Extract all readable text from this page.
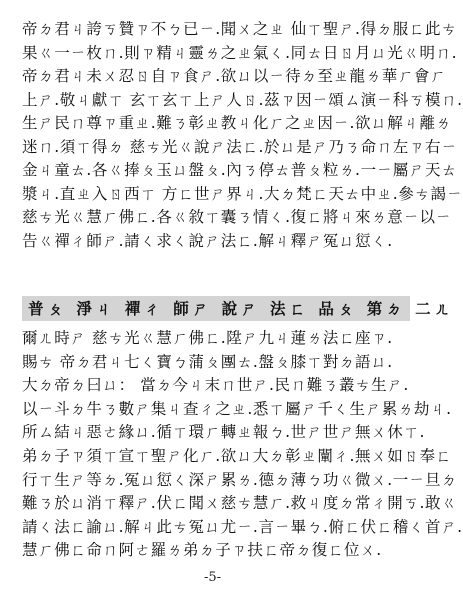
帝ㄉ君ㄐ誇ㄎ贊ㄗ不ㄅ已ㄧ.聞ㄨ之ㄓ 仙ㄒ聖ㄕ.得ㄉ服ㄈ此ㄘ
果ㄍ一ㄧ枚ㄇ.則ㄗ精ㄐ靈ㄌ之ㄓ氣ㄑ.同ㄊ日ㄖ月ㄩ光ㄍ明ㄇ.
帝ㄉ君ㄐ未ㄨ忍ㄖ自ㄗ食ㄕ.欲ㄩ以ㄧ待ㄉ至ㄓ龍ㄌ華ㄏ會ㄏ
上ㄕ.敬ㄐ獻ㄒ 玄ㄒ玄ㄒ上ㄕ人ㄖ.茲ㄗ因ㄧ頌ㄙ演ㄧ科ㄎ模ㄇ.
生ㄕ民ㄇ尊ㄗ重ㄓ.難ㄋ彰ㄓ教ㄐ化ㄏ之ㄓ因ㄧ.欲ㄩ解ㄐ離ㄌ
迷ㄇ.須ㄒ得ㄉ 慈ㄘ光ㄍ說ㄕ法ㄈ.於ㄩ是ㄕ乃ㄋ命ㄇ左ㄗ右ㄧ
金ㄐ童ㄊ.各ㄍ捧ㄆ玉ㄩ盤ㄆ.內ㄋ停ㄊ普ㄆ粒ㄌ.一ㄧ屬ㄕ天ㄊ
漿ㄐ.直ㄓ入ㄖ西ㄒ 方ㄈ世ㄕ界ㄐ.大ㄉ梵ㄈ天ㄊ中ㄓ.參ㄘ謁ㄧ
慈ㄘ光ㄍ慧ㄏ佛ㄈ.各ㄍ敘ㄒ囊ㄋ情ㄑ.復ㄈ將ㄐ來ㄌ意ㄧ以ㄧ
告ㄍ禪ㄔ師ㄕ.請ㄑ求ㄑ說ㄕ法ㄈ.解ㄐ釋ㄕ冤ㄩ愆ㄑ.
普ㄆ 淨ㄐ 禪ㄔ 師ㄕ 說ㄕ 法ㄈ 品ㄆ 第ㄉ 二ㄦ
爾ㄦ時ㄕ 慈ㄘ光ㄍ慧ㄏ佛ㄈ.陞ㄕ九ㄐ蓮ㄌ法ㄈ座ㄗ.
賜ㄘ 帝ㄉ君ㄐ七ㄑ寶ㄅ蒲ㄆ團ㄊ.盤ㄆ膝ㄒ對ㄉ語ㄩ.
大ㄉ帝ㄉ曰ㄩ： 當ㄉ今ㄐ末ㄇ世ㄕ.民ㄇ難ㄋ叢ㄘ生ㄕ.
以ㄧ斗ㄉ牛ㄋ數ㄕ集ㄐ查ㄔ之ㄓ.悉ㄒ屬ㄕ千ㄑ生ㄕ累ㄌ劫ㄐ.
所ㄙ結ㄐ惡ㄜ緣ㄩ.循ㄒ環ㄏ轉ㄓ報ㄅ.世ㄕ世ㄕ無ㄨ休ㄒ.
弟ㄉ子ㄗ須ㄒ宣ㄒ聖ㄕ化ㄏ.欲ㄩ大ㄉ彰ㄓ闡ㄔ.無ㄨ如ㄖ奉ㄈ
行ㄒ生ㄕ等ㄉ.冤ㄩ愆ㄑ深ㄕ累ㄌ.德ㄉ薄ㄅ功ㄍ微ㄨ.一ㄧ旦ㄉ
難ㄋ於ㄩ消ㄒ釋ㄕ.伏ㄈ聞ㄨ慈ㄘ慧ㄏ.救ㄐ度ㄉ常ㄔ開ㄎ.敢ㄍ
請ㄑ法ㄈ諭ㄩ.解ㄐ此ㄘ冤ㄩ尤ㄧ.言ㄧ畢ㄅ.俯ㄈ伏ㄈ稽ㄑ首ㄕ.
慧ㄏ佛ㄈ命ㄇ阿ㄜ羅ㄌ弟ㄉ子ㄗ扶ㄈ帝ㄉ復ㄈ位ㄨ.
-5-
